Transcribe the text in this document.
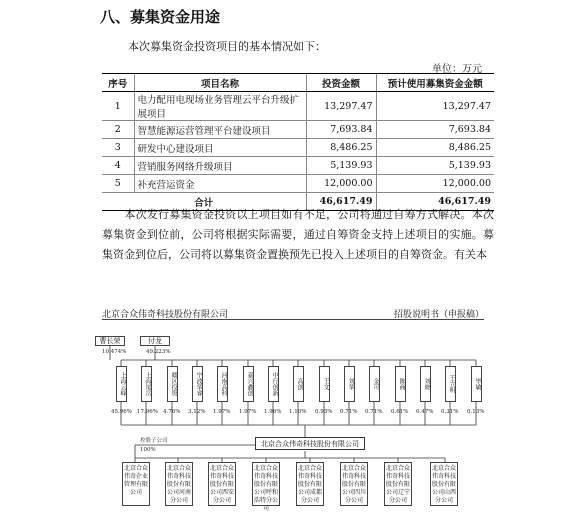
八、募集资金用途
本次募集资金投资项目的基本情况如下：
单位：万元
序号	项目名称	投资金额	预计使用募集资金金额
1	电力配用电现场业务管理云平台升级扩展项目	13,297.47	13,297.47
2	智慧能源运营管理平台建设项目	7,693.84	7,693.84
3	研发中心建设项目	8,486.25	8,486.25
4	营销服务网络升级项目	5,139.93	5,139.93
5	补充营运资金	12,000.00	12,000.00
合计		46,617.49	46,617.49
　　本次发行募集资金投资以上项目如有不足，公司将通过自筹方式解决。本次募集资金到位前，公司将根据实际需要，通过自筹资金支持上述项目的实施。募集资金到位后，公司将以募集资金置换预先已投入上述项目的自筹资金。有关本
北京合众伟奇科技股份有限公司	招股说明书（申报稿）
曹长荣	付龙
10.474%	49.223%
上海云峰	上海尾岳	赣区投资	宁波华睿	河南高科	嘉兴鑫创	中行创新	高创	王文	刘华	金可	陈商	刘晓	王立明	毕敏
45.96% 17.96% 4.76% 3.12% 1.97% 1.97% 1.96% 1.10% 0.93% 0.71% 0.71% 0.61% 0.47% 0.31% 0.13%
北京合众伟奇科技股份有限公司
控股子公司
100%
北京合众伟奇企业管理有限公司
北京合众伟奇科技股份有限公司河南分公司
北京合众伟奇科技股份有限公司西安分公司
北京合众伟奇科技股份有限公司呼和浩特分公司
北京合众伟奇科技股份有限公司成都分公司
北京合众伟奇科技股份有限公司四川分公司
北京合众伟奇科技股份有限公司辽宁分公司
北京合众伟奇科技股份有限公司山西分公司
